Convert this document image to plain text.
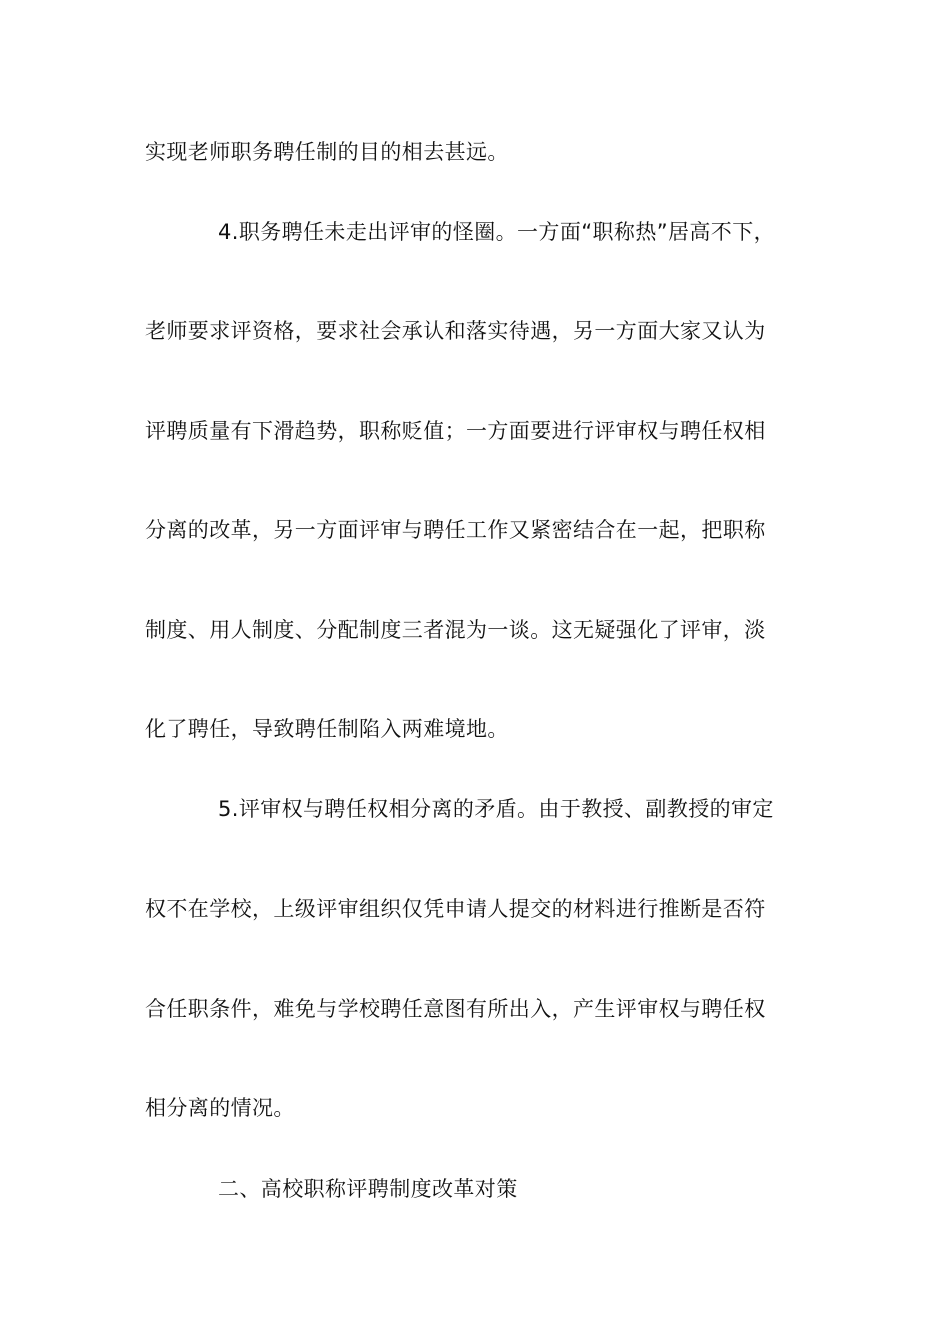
实现老师职务聘任制的目的相去甚远。
4.职务聘任未走出评审的怪圈。一方面“职称热”居高不下，
老师要求评资格，要求社会承认和落实待遇，另一方面大家又认为
评聘质量有下滑趋势，职称贬值；一方面要进行评审权与聘任权相
分离的改革，另一方面评审与聘任工作又紧密结合在一起，把职称
制度、用人制度、分配制度三者混为一谈。这无疑强化了评审，淡
化了聘任，导致聘任制陷入两难境地。
5.评审权与聘任权相分离的矛盾。由于教授、副教授的审定
权不在学校，上级评审组织仅凭申请人提交的材料进行推断是否符
合任职条件，难免与学校聘任意图有所出入，产生评审权与聘任权
相分离的情况。
二、高校职称评聘制度改革对策
